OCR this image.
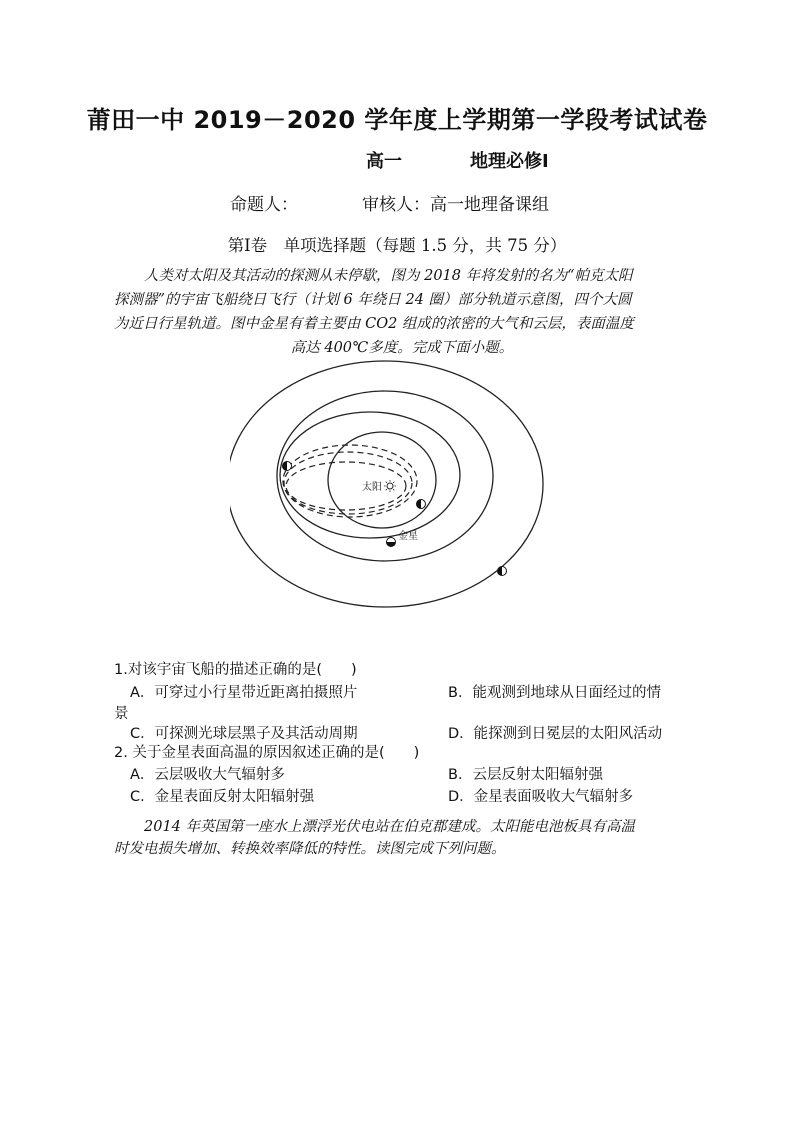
莆田一中 2019－2020 学年度上学期第一学段考试试卷
高一	地理必修Ⅰ
命题人：	审核人：高一地理备课组
第Ⅰ卷　单项选择题（每题 1.5 分，共 75 分）
人类对太阳及其活动的探测从未停歇，图为 2018 年将发射的名为“帕克太阳
探测器”的宇宙飞船绕日飞行（计划 6 年绕日 24 圈）部分轨道示意图，四个大圆
为近日行星轨道。图中金星有着主要由 CO2 组成的浓密的大气和云层，表面温度
高达 400℃多度。完成下面小题。
太阳
金星
1.对该宇宙飞船的描述正确的是(　　)
A．可穿过小行星带近距离拍摄照片	B．能观测到地球从日面经过的情
景
C．可探测光球层黑子及其活动周期	D．能探测到日冕层的太阳风活动
2. 关于金星表面高温的原因叙述正确的是(　　)
A．云层吸收大气辐射多	B．云层反射太阳辐射强
C．金星表面反射太阳辐射强	D．金星表面吸收大气辐射多
2014 年英国第一座水上漂浮光伏电站在伯克郡建成。太阳能电池板具有高温
时发电损失增加、转换效率降低的特性。读图完成下列问题。
